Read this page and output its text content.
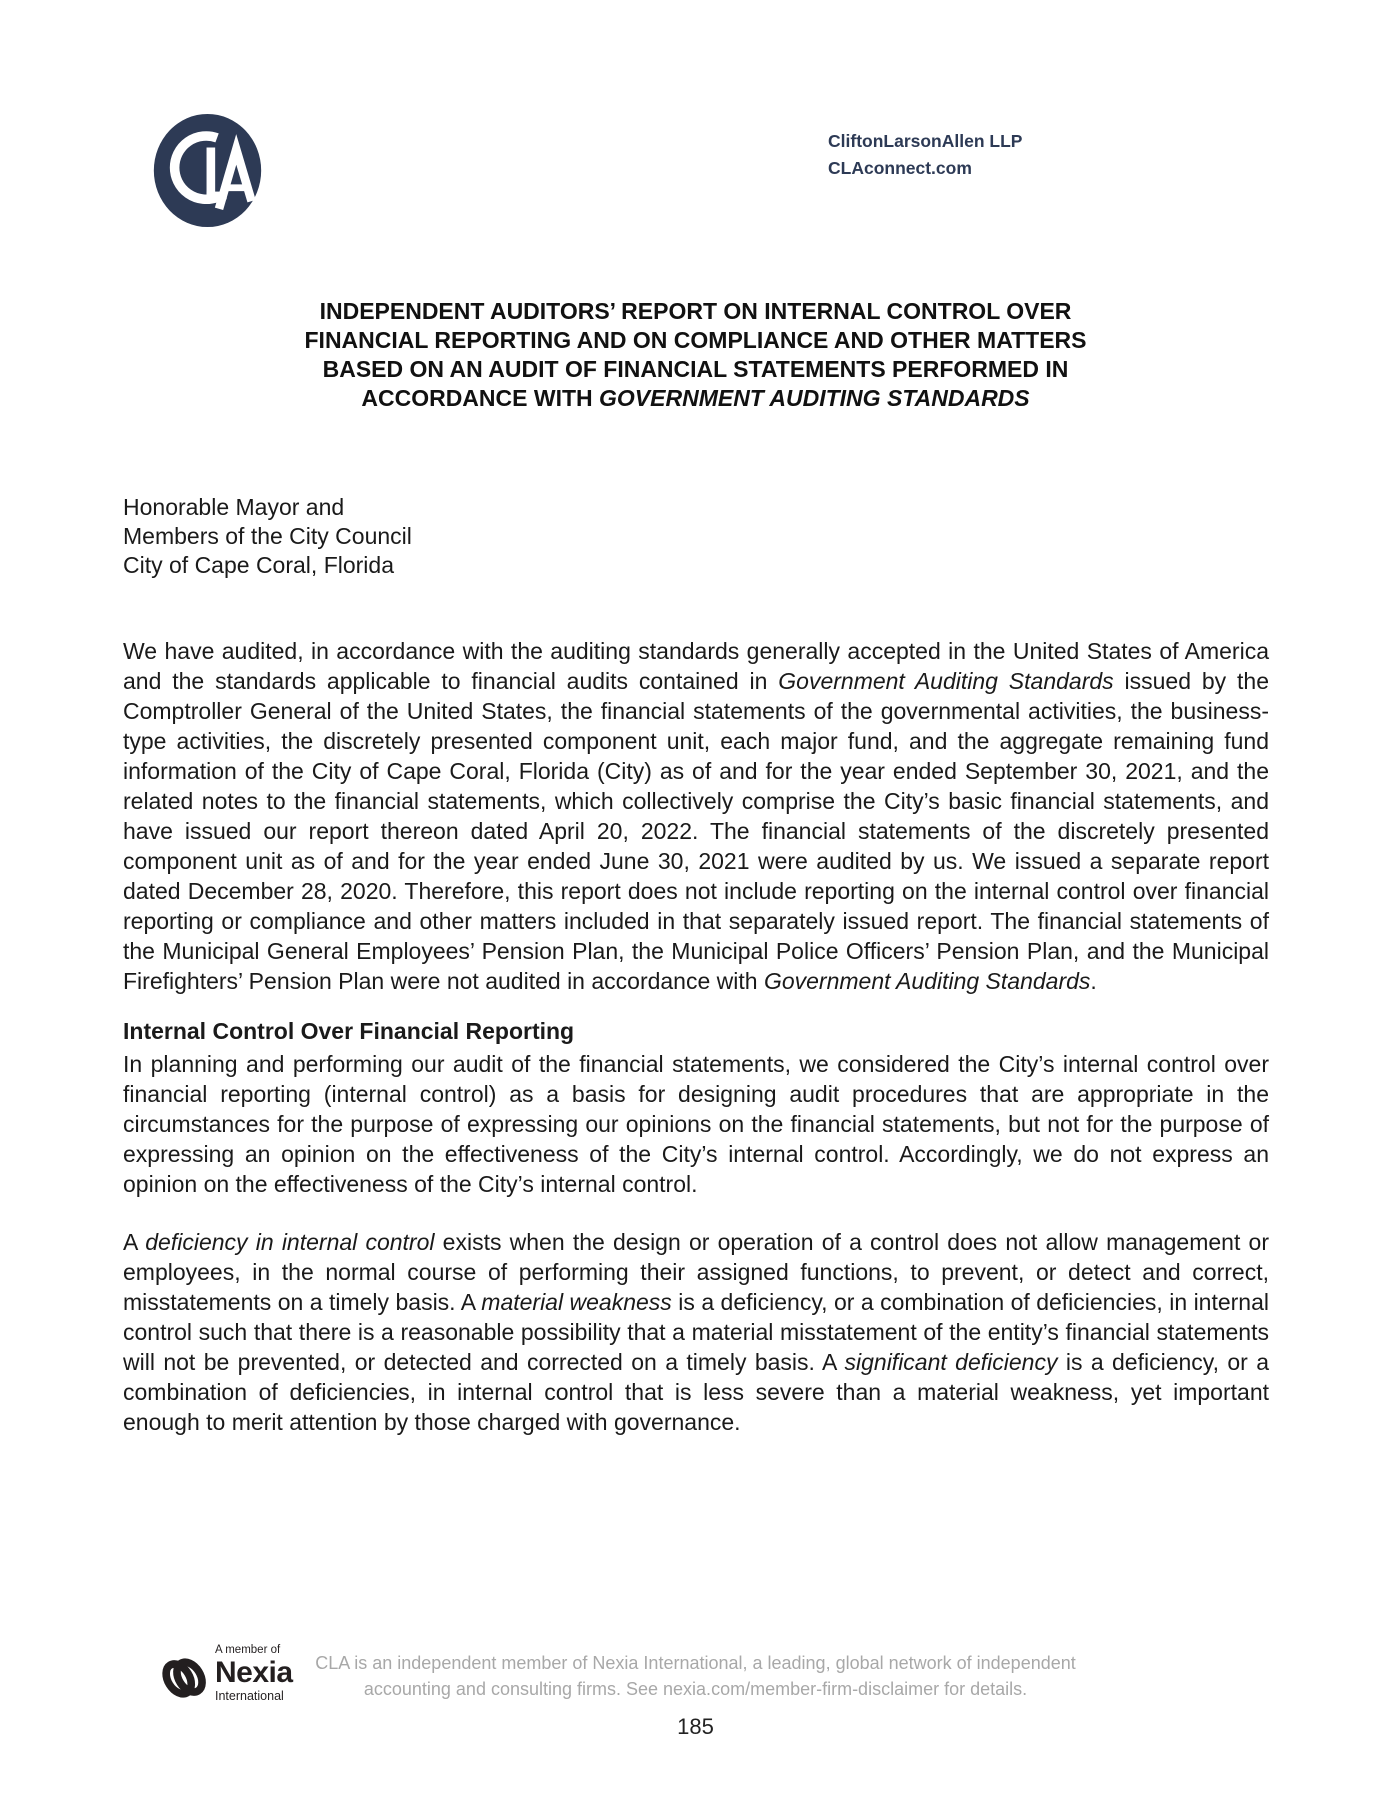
CliftonLarsonAllen LLP
CLAconnect.com
INDEPENDENT AUDITORS’ REPORT ON INTERNAL CONTROL OVER
FINANCIAL REPORTING AND ON COMPLIANCE AND OTHER MATTERS
BASED ON AN AUDIT OF FINANCIAL STATEMENTS PERFORMED IN
ACCORDANCE WITH GOVERNMENT AUDITING STANDARDS
Honorable Mayor and
Members of the City Council
City of Cape Coral, Florida

We have audited, in accordance with the auditing standards generally accepted in the United States of America and the standards applicable to financial audits contained in Government Auditing Standards issued by the Comptroller General of the United States, the financial statements of the governmental activities, the business-type activities, the discretely presented component unit, each major fund, and the aggregate remaining fund information of the City of Cape Coral, Florida (City) as of and for the year ended September 30, 2021, and the related notes to the financial statements, which collectively comprise the City’s basic financial statements, and have issued our report thereon dated April 20, 2022. The financial statements of the discretely presented component unit as of and for the year ended June 30, 2021 were audited by us. We issued a separate report dated December 28, 2020. Therefore, this report does not include reporting on the internal control over financial reporting or compliance and other matters included in that separately issued report. The financial statements of the Municipal General Employees’ Pension Plan, the Municipal Police Officers’ Pension Plan, and the Municipal Firefighters’ Pension Plan were not audited in accordance with Government Auditing Standards.

Internal Control Over Financial Reporting

In planning and performing our audit of the financial statements, we considered the City’s internal control over financial reporting (internal control) as a basis for designing audit procedures that are appropriate in the circumstances for the purpose of expressing our opinions on the financial statements, but not for the purpose of expressing an opinion on the effectiveness of the City’s internal control. Accordingly, we do not express an opinion on the effectiveness of the City’s internal control.

A deficiency in internal control exists when the design or operation of a control does not allow management or employees, in the normal course of performing their assigned functions, to prevent, or detect and correct, misstatements on a timely basis. A material weakness is a deficiency, or a combination of deficiencies, in internal control such that there is a reasonable possibility that a material misstatement of the entity’s financial statements will not be prevented, or detected and corrected on a timely basis. A significant deficiency is a deficiency, or a combination of deficiencies, in internal control that is less severe than a material weakness, yet important enough to merit attention by those charged with governance.

A member of
Nexia
International
CLA is an independent member of Nexia International, a leading, global network of independent
accounting and consulting firms. See nexia.com/member-firm-disclaimer for details.
185
